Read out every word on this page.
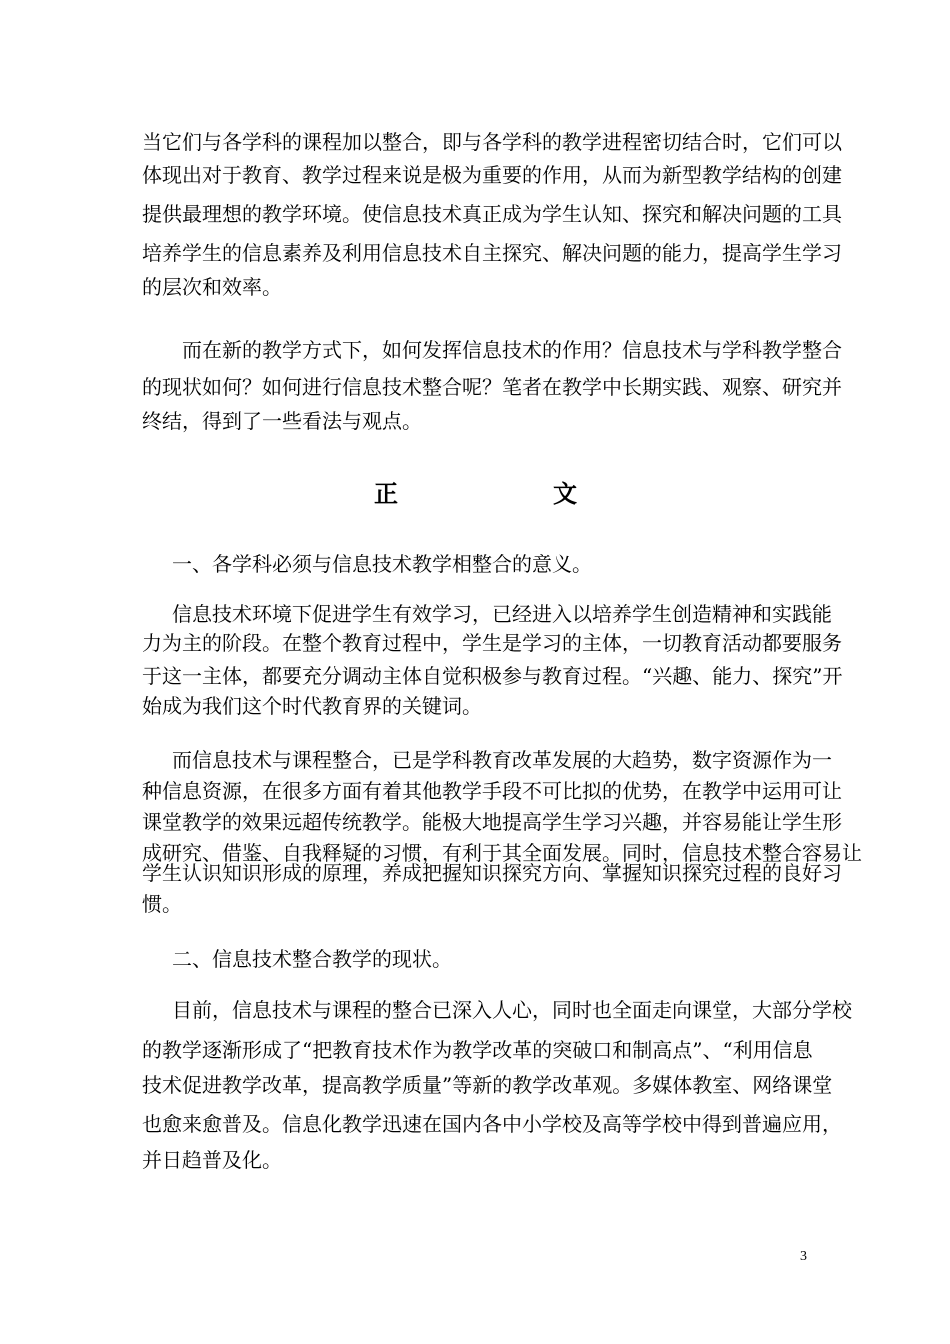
当它们与各学科的课程加以整合，即与各学科的教学进程密切结合时，它们可以
体现出对于教育、教学过程来说是极为重要的作用，从而为新型教学结构的创建
提供最理想的教学环境。使信息技术真正成为学生认知、探究和解决问题的工具
培养学生的信息素养及利用信息技术自主探究、解决问题的能力，提高学生学习
的层次和效率。
而在新的教学方式下，如何发挥信息技术的作用？信息技术与学科教学整合
的现状如何？如何进行信息技术整合呢？笔者在教学中长期实践、观察、研究并
终结，得到了一些看法与观点。
正	文
一、各学科必须与信息技术教学相整合的意义。
信息技术环境下促进学生有效学习，已经进入以培养学生创造精神和实践能
力为主的阶段。在整个教育过程中，学生是学习的主体，一切教育活动都要服务
于这一主体，都要充分调动主体自觉积极参与教育过程。“兴趣、能力、探究”开
始成为我们这个时代教育界的关键词。
而信息技术与课程整合，已是学科教育改革发展的大趋势，数字资源作为一
种信息资源，在很多方面有着其他教学手段不可比拟的优势，在教学中运用可让
课堂教学的效果远超传统教学。能极大地提高学生学习兴趣，并容易能让学生形
成研究、借鉴、自我释疑的习惯，有利于其全面发展。同时，信息技术整合容易让
学生认识知识形成的原理，养成把握知识探究方向、掌握知识探究过程的良好习
惯。
二、信息技术整合教学的现状。
目前，信息技术与课程的整合已深入人心，同时也全面走向课堂，大部分学校
的教学逐渐形成了“把教育技术作为教学改革的突破口和制高点”、“利用信息
技术促进教学改革，提高教学质量”等新的教学改革观。多媒体教室、网络课堂
也愈来愈普及。信息化教学迅速在国内各中小学校及高等学校中得到普遍应用，
并日趋普及化。
3
